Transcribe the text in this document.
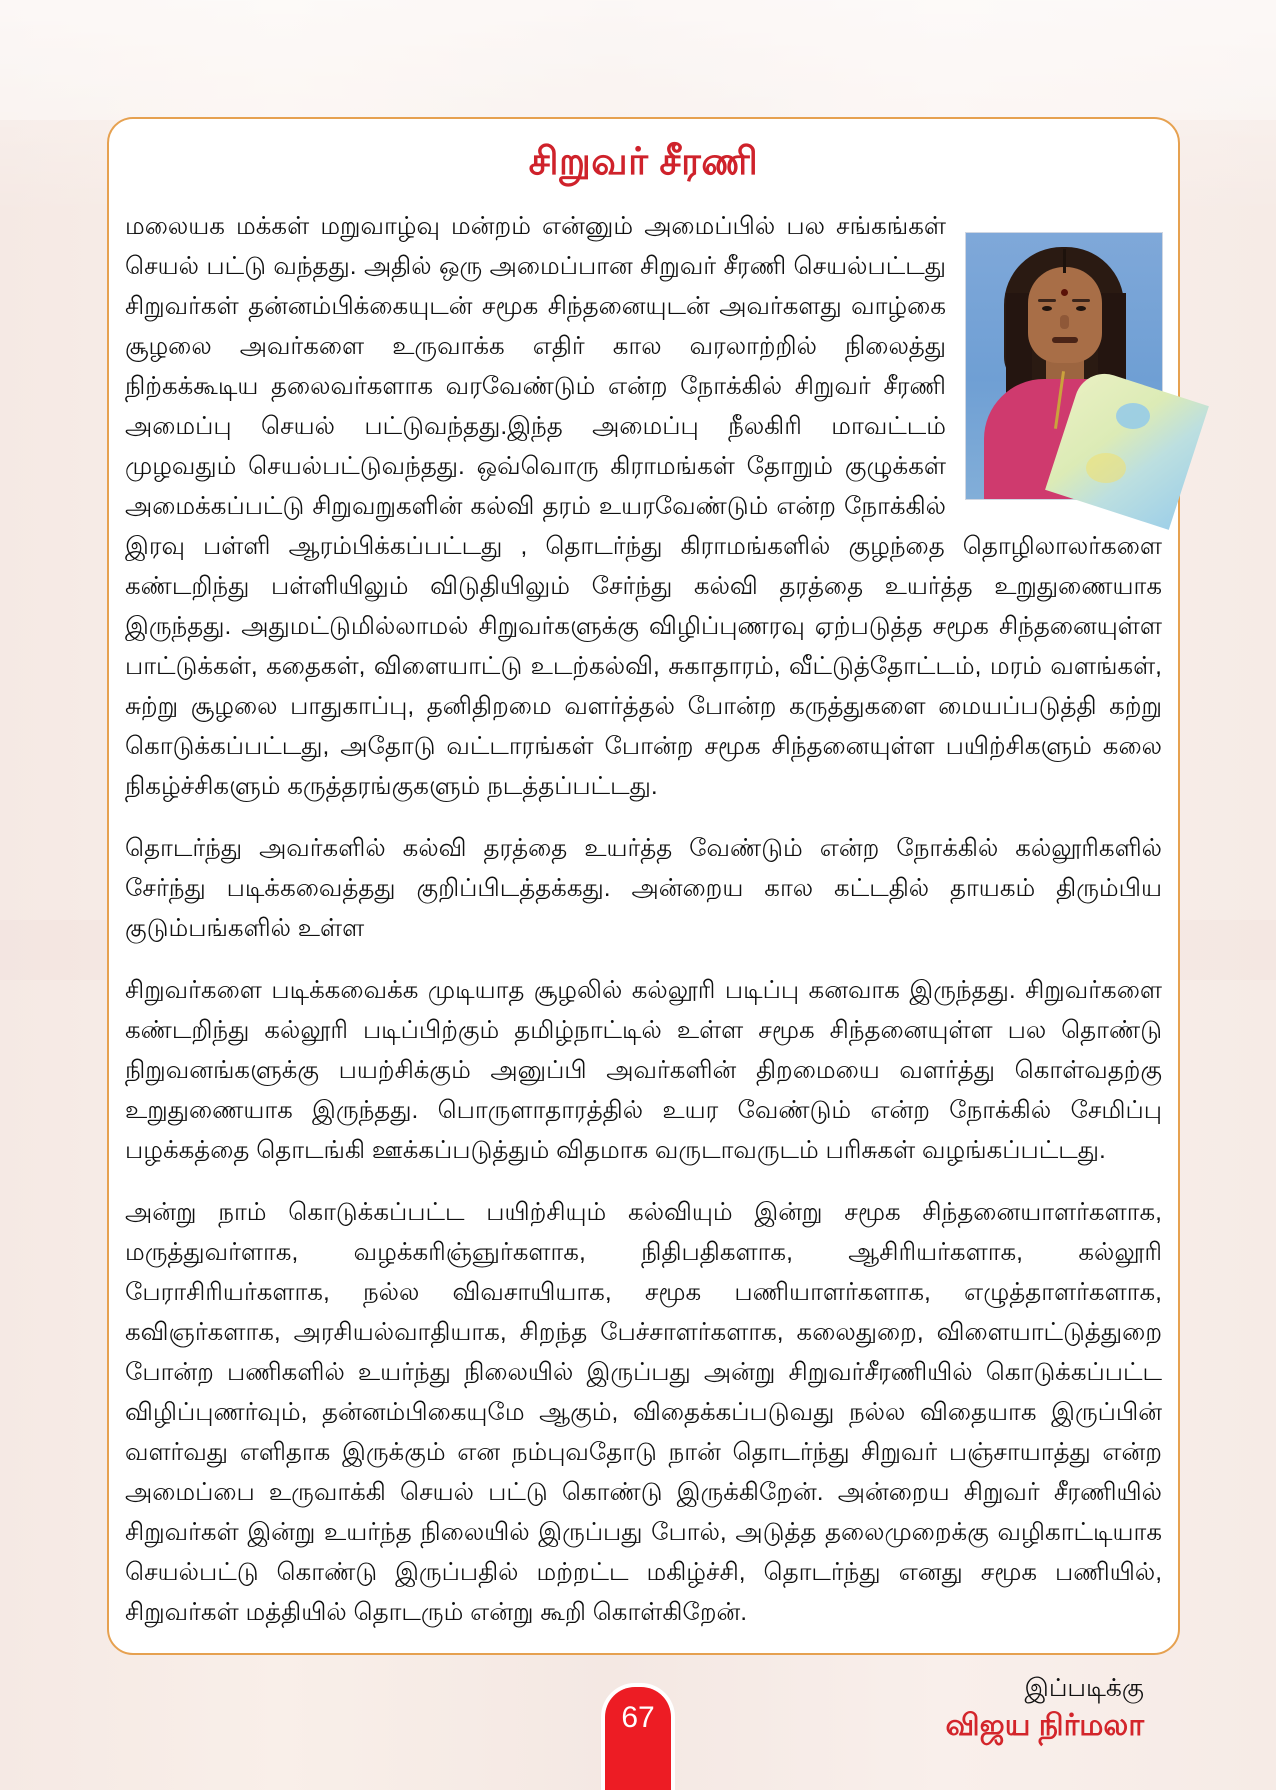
சிறுவர் சீரணி

மலையக மக்கள் மறுவாழ்வு மன்றம் என்னும் அமைப்பில் பல சங்கங்கள் செயல் பட்டு வந்தது. அதில் ஒரு அமைப்பான சிறுவர் சீரணி செயல்பட்டது சிறுவர்கள் தன்னம்பிக்கையுடன் சமூக சிந்தனையுடன் அவர்களது வாழ்கை சூழலை அவர்களை உருவாக்க எதிர் கால வரலாற்றில் நிலைத்து நிற்கக்கூடிய தலைவர்களாக வரவேண்டும் என்ற நோக்கில் சிறுவர் சீரணி அமைப்பு செயல் பட்டுவந்தது.இந்த அமைப்பு நீலகிரி மாவட்டம் முழவதும் செயல்பட்டுவந்தது. ஒவ்வொரு கிராமங்கள் தோறும் குழுக்கள் அமைக்கப்பட்டு சிறுவறுகளின் கல்வி தரம் உயரவேண்டும் என்ற நோக்கில் இரவு பள்ளி ஆரம்பிக்கப்பட்டது , தொடர்ந்து கிராமங்களில் குழந்தை தொழிலாலர்களை கண்டறிந்து பள்ளியிலும் விடுதியிலும் சேர்ந்து கல்வி தரத்தை உயர்த்த உறுதுணையாக இருந்தது. அதுமட்டுமில்லாமல் சிறுவர்களுக்கு விழிப்புணரவு ஏற்படுத்த சமூக சிந்தனையுள்ள பாட்டுக்கள், கதைகள், விளையாட்டு உடற்கல்வி, சுகாதாரம், வீட்டுத்தோட்டம், மரம் வளங்கள், சுற்று சூழலை பாதுகாப்பு, தனிதிறமை வளர்த்தல் போன்ற கருத்துகளை மையப்படுத்தி கற்று கொடுக்கப்பட்டது, அதோடு வட்டாரங்கள் போன்ற சமூக சிந்தனையுள்ள பயிற்சிகளும் கலை நிகழ்ச்சிகளும் கருத்தரங்குகளும் நடத்தப்பட்டது.

தொடர்ந்து அவர்களில் கல்வி தரத்தை உயர்த்த வேண்டும் என்ற நோக்கில் கல்லூரிகளில் சேர்ந்து படிக்கவைத்தது குறிப்பிடத்தக்கது. அன்றைய கால கட்டதில் தாயகம் திரும்பிய குடும்பங்களில் உள்ள

சிறுவர்களை படிக்கவைக்க முடியாத சூழலில் கல்லூரி படிப்பு கனவாக இருந்தது. சிறுவர்களை கண்டறிந்து கல்லூரி படிப்பிற்கும் தமிழ்நாட்டில் உள்ள சமூக சிந்தனையுள்ள பல தொண்டு நிறுவனங்களுக்கு பயற்சிக்கும் அனுப்பி அவர்களின் திறமையை வளர்த்து கொள்வதற்கு உறுதுணையாக இருந்தது. பொருளாதாரத்தில் உயர வேண்டும் என்ற நோக்கில் சேமிப்பு பழக்கத்தை தொடங்கி ஊக்கப்படுத்தும் விதமாக வருடாவருடம் பரிசுகள் வழங்கப்பட்டது.

அன்று நாம் கொடுக்கப்பட்ட பயிற்சியும் கல்வியும் இன்று சமூக சிந்தனையாளர்களாக, மருத்துவர்ளாக, வழக்கரிஞ்ஞுர்களாக, நிதிபதிகளாக, ஆசிரியர்களாக, கல்லூரி பேராசிரியர்களாக, நல்ல விவசாயியாக, சமூக பணியாளர்களாக, எழுத்தாளர்களாக, கவிஞர்களாக, அரசியல்வாதியாக, சிறந்த பேச்சாளர்களாக, கலைதுறை, விளையாட்டுத்துறை போன்ற பணிகளில் உயர்ந்து நிலையில் இருப்பது அன்று சிறுவர்சீரணியில் கொடுக்கப்பட்ட விழிப்புணர்வும், தன்னம்பிகையுமே ஆகும், விதைக்கப்படுவது நல்ல விதையாக இருப்பின் வளர்வது எளிதாக இருக்கும் என நம்புவதோடு நான் தொடர்ந்து சிறுவர் பஞ்சாயாத்து என்ற அமைப்பை உருவாக்கி செயல் பட்டு கொண்டு இருக்கிறேன். அன்றைய சிறுவர் சீரணியில் சிறுவர்கள் இன்று உயர்ந்த நிலையில் இருப்பது போல், அடுத்த தலைமுறைக்கு வழிகாட்டியாக செயல்பட்டு கொண்டு இருப்பதில் மற்றட்ட மகிழ்ச்சி, தொடர்ந்து எனது சமூக பணியில், சிறுவர்கள் மத்தியில் தொடரும் என்று கூறி கொள்கிறேன்.

இப்படிக்கு
விஜய நிர்மலா
67
